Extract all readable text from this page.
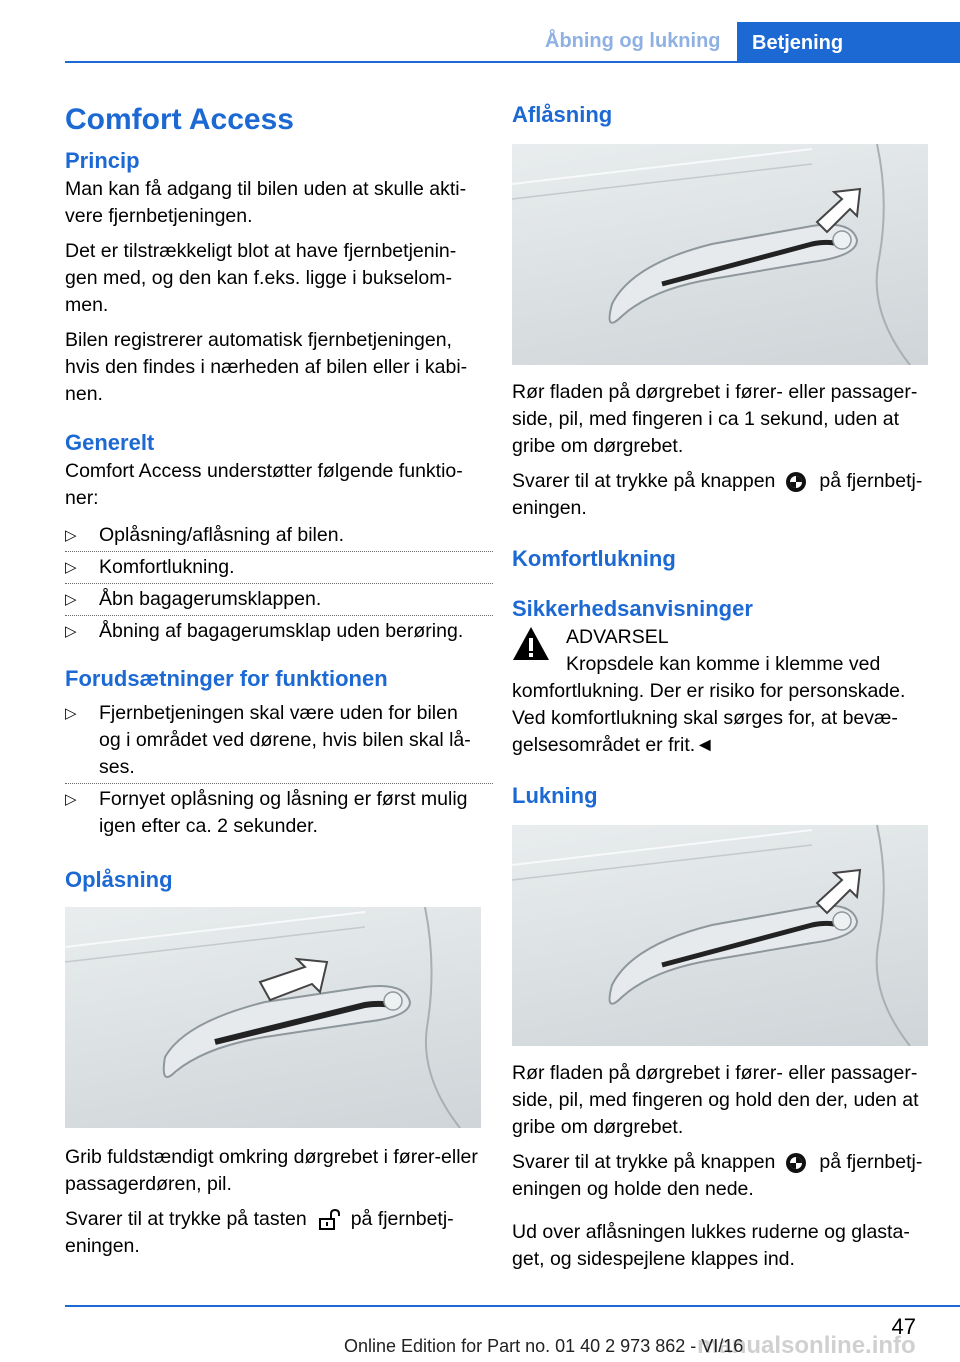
Åbning og lukning	Betjening
Comfort Access
Princip

Man kan få adgang til bilen uden at skulle akti-vere fjernbetjeningen.

Det er tilstrækkeligt blot at have fjernbetjenin-gen med, og den kan f.eks. ligge i bukselom-men.

Bilen registrerer automatisk fjernbetjeningen, hvis den findes i nærheden af bilen eller i kabi-nen.

Generelt

Comfort Access understøtter følgende funktio-ner:

▷ Oplåsning/aflåsning af bilen.
▷ Komfortlukning.
▷ Åbn bagagerumsklappen.
▷ Åbning af bagagerumsklap uden berøring.
Forudsætninger for funktionen
▷ Fjernbetjeningen skal være uden for bilen og i området ved dørene, hvis bilen skal lå-ses.
▷ Fornyet oplåsning og låsning er først mulig igen efter ca. 2 sekunder.
Oplåsning

Grib fuldstændigt omkring dørgrebet i fører-eller passagerdøren, pil.

Svarer til at trykke på tasten på fjernbetj-eningen.

Aflåsning

Rør fladen på dørgrebet i fører- eller passager-side, pil, med fingeren i ca 1 sekund, uden at gribe om dørgrebet.

Svarer til at trykke på knappen på fjernbetj-eningen.

Komfortlukning
Sikkerhedsanvisninger

ADVARSEL

Kropsdele kan komme i klemme ved komfortlukning. Der er risiko for personskade. Ved komfortlukning skal sørges for, at bevæ-gelsesområdet er frit.◄

Lukning

Rør fladen på dørgrebet i fører- eller passager-side, pil, med fingeren og hold den der, uden at gribe om dørgrebet.

Svarer til at trykke på knappen på fjernbetj-eningen og holde den nede.

Ud over aflåsningen lukkes ruderne og glasta-get, og sidespejlene klappes ind.

47
manualsonline.info
Online Edition for Part no. 01 40 2 973 862 - VI/16
